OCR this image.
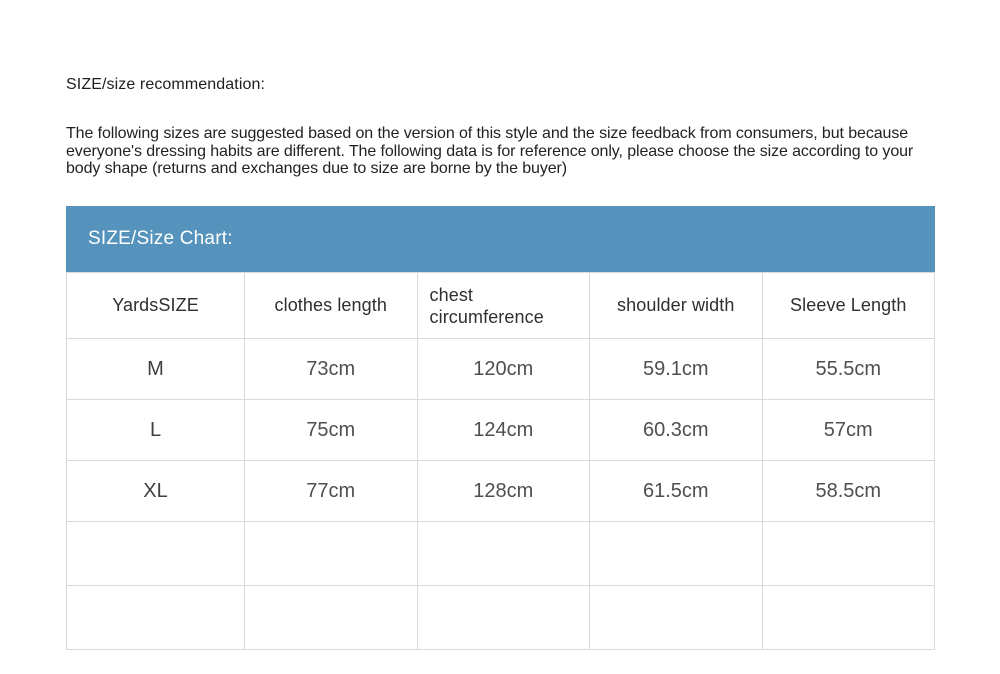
SIZE/size recommendation:

The following sizes are suggested based on the version of this style and the size feedback from consumers, but because everyone's dressing habits are different. The following data is for reference only, please choose the size according to your body shape (returns and exchanges due to size are borne by the buyer)

SIZE/Size Chart:
YardsSIZE	clothes length	chest circumference	shoulder width	Sleeve Length
M	73cm	120cm	59.1cm	55.5cm
L	75cm	124cm	60.3cm	57cm
XL	77cm	128cm	61.5cm	58.5cm
